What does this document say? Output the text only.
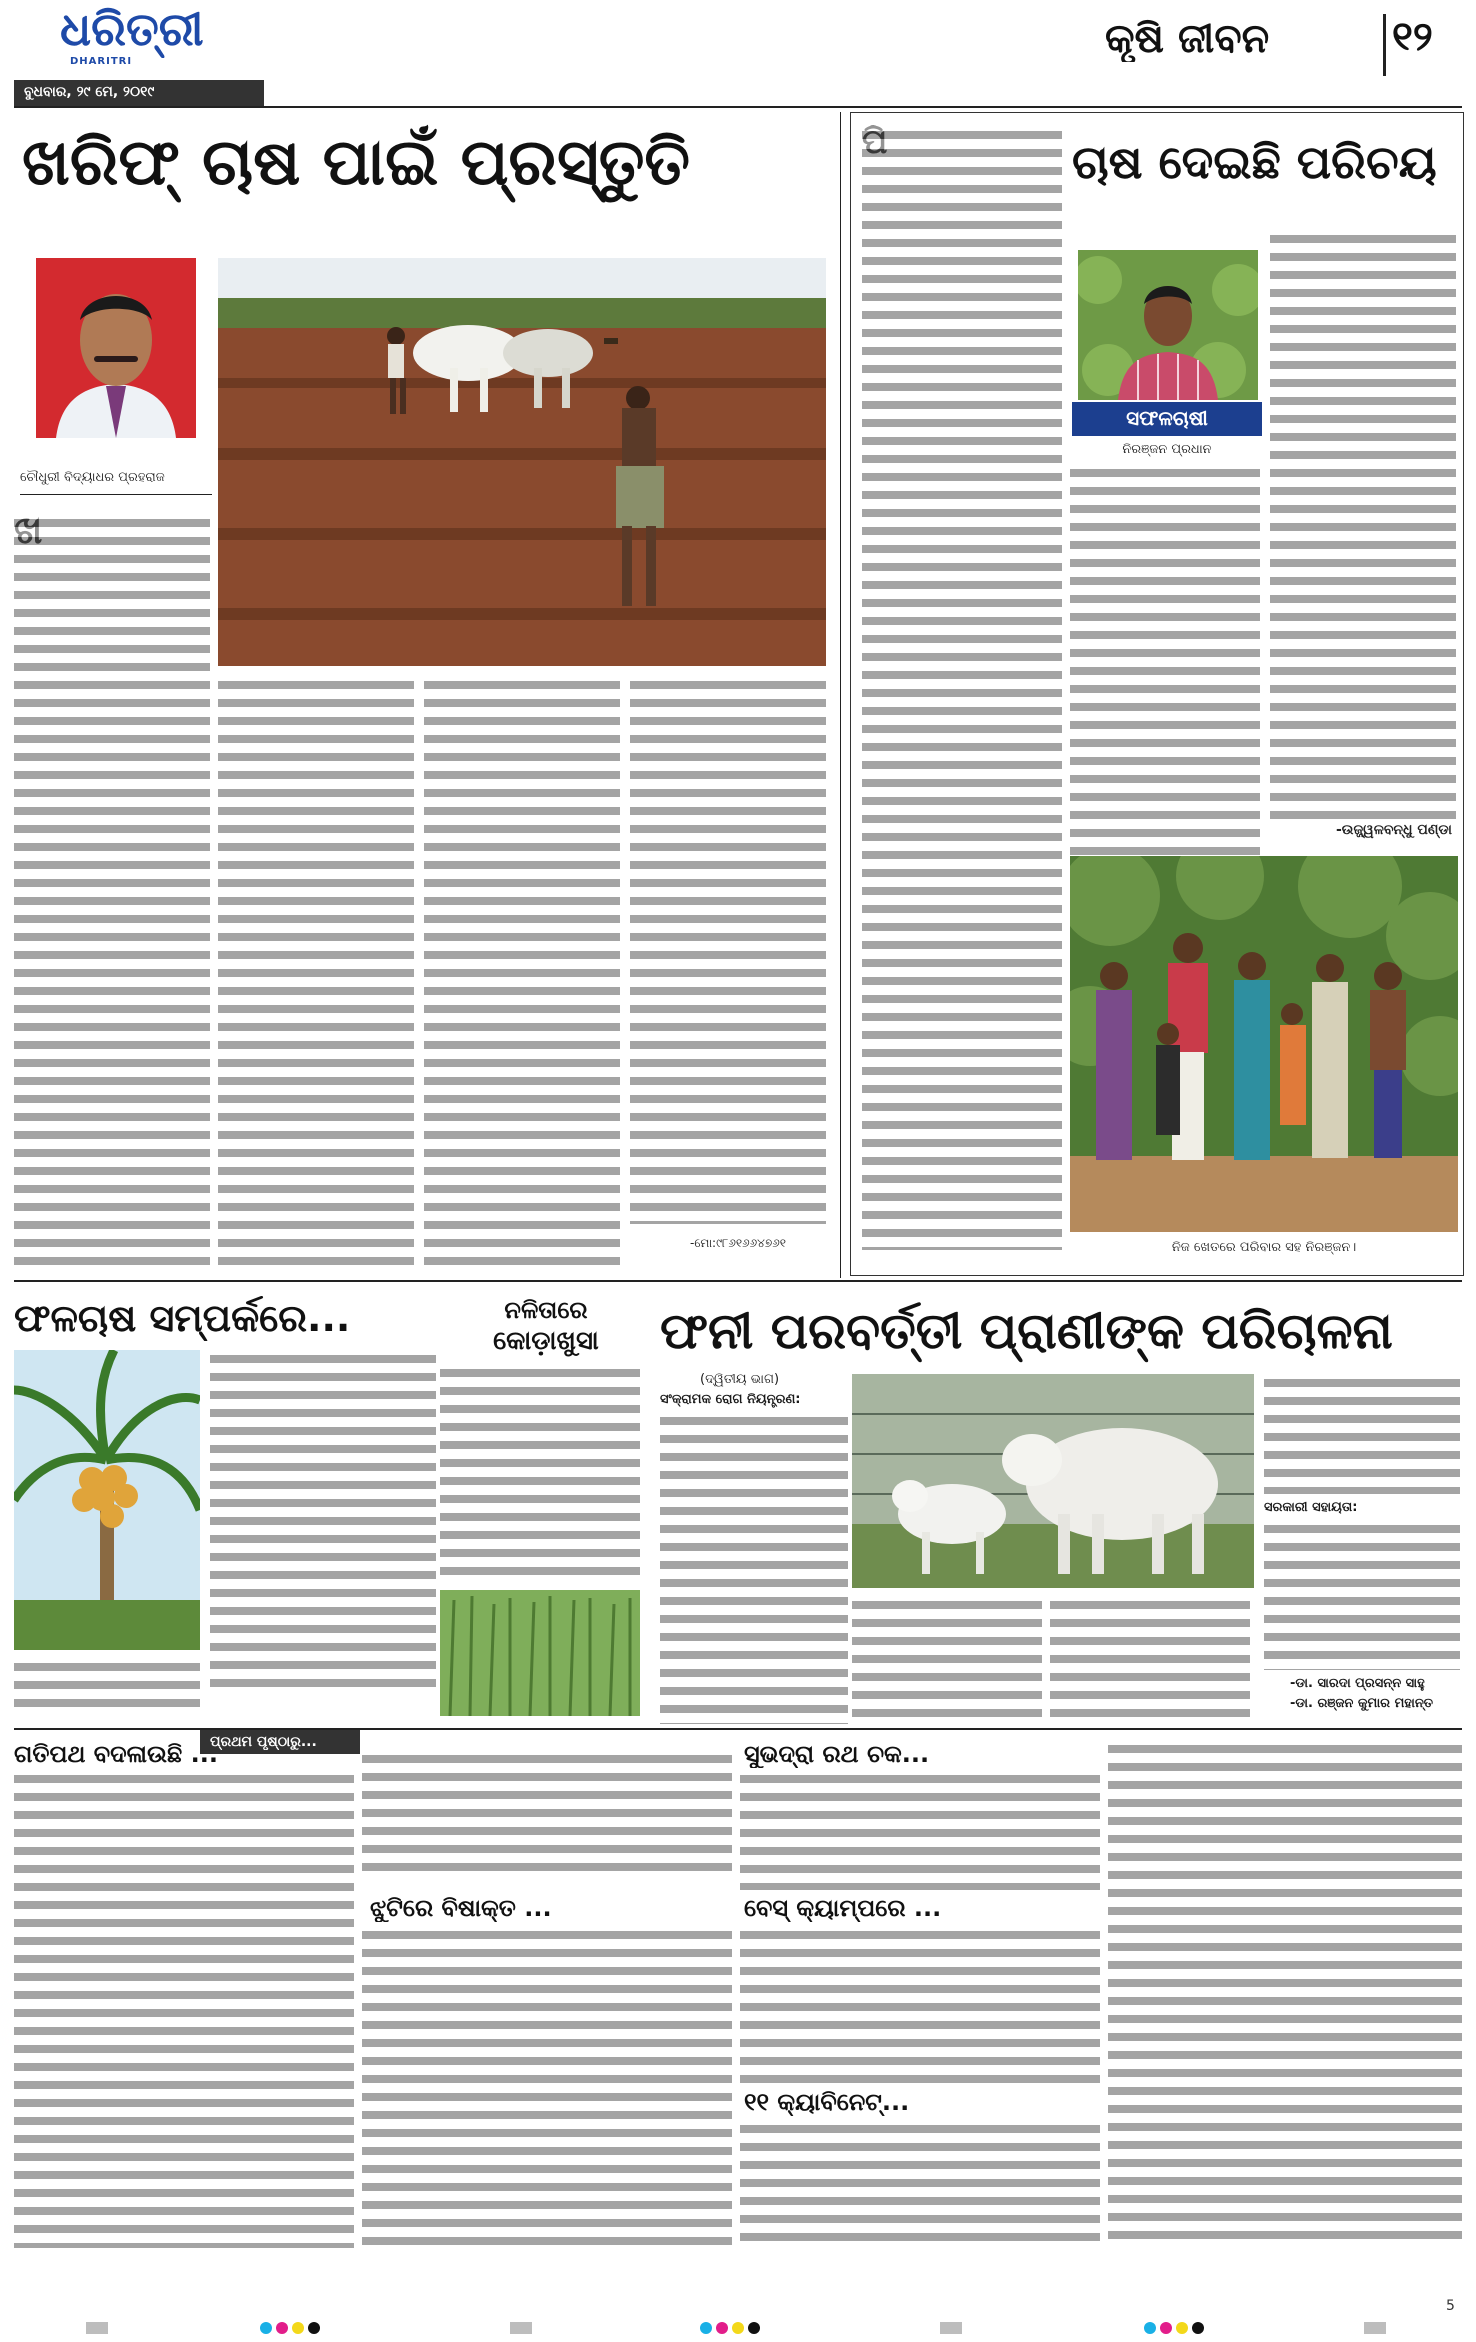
ଧରିତ୍ରୀ
DHARITRI
ବୁଧବାର, ୨୯ ମେ, ୨୦୧୯
କୃଷି ଜୀବନ	୧୨
ଖରିଫ୍ ଚାଷ ପାଇଁ ପ୍ରସ୍ତୁତି
ଚୌଧୁରୀ ବିଦ୍ୟାଧର ପ୍ରହରାଜ
-ମୋ:୯୮୬୧୬୬୪୭୬୧
ଚାଷ ଦେଇଛି ପରିଚୟ
ସଫଳଚାଷୀ
ନିରଞ୍ଜନ ପ୍ରଧାନ
-ଉଜ୍ଜ୍ୱଳବନ୍ଧୁ ପଣ୍ଡା
ନିଜ ଖେତରେ ପରିବାର ସହ ନିରଞ୍ଜନ।
ଫଳଚାଷ ସମ୍ପର୍କରେ...	ନଳିତାରେ
କୋଡ଼ାଖୁସା	ଫନୀ ପରବର୍ତ୍ତୀ ପ୍ରାଣୀଙ୍କ ପରିଚାଳନା
(ଦ୍ୱିତୀୟ ଭାଗ)
ସଂକ୍ରାମକ ରୋଗ ନିୟନ୍ତ୍ରଣ:
ସରକାରୀ ସହାୟତା:
-ଡା. ସାରଦା ପ୍ରସନ୍ନ ସାହୁ
-ଡା. ରଞ୍ଜନ କୁମାର ମହାନ୍ତ
ପ୍ରଥମ ପୃଷ୍ଠାରୁ...
ଗତିପଥ ବଦଳାଉଛି ...
ଝୁଟିରେ ବିଷାକ୍ତ ...
ସୁଭଦ୍ରା ରଥ ଚକ...
ବେସ୍ କ୍ୟାମ୍ପରେ ...
୧୧ କ୍ୟାବିନେଟ୍...
5
